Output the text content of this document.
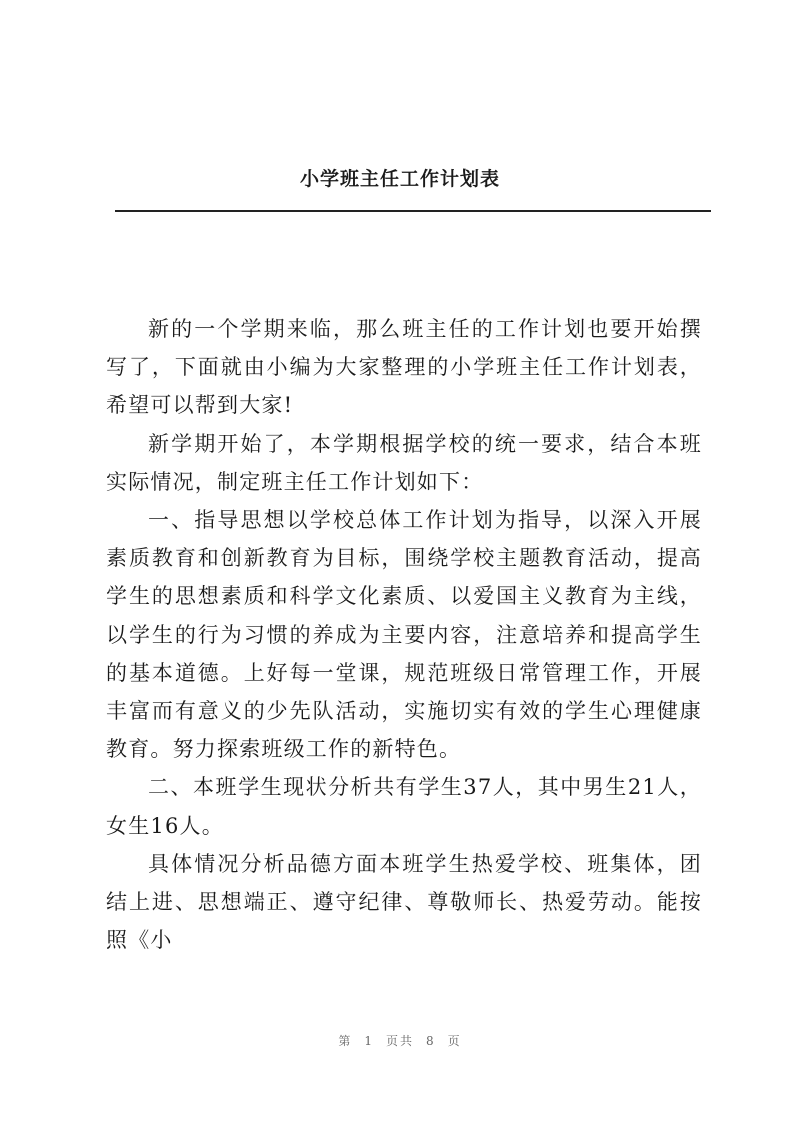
小学班主任工作计划表

新的一个学期来临，那么班主任的工作计划也要开始撰写了，下面就由小编为大家整理的小学班主任工作计划表，希望可以帮到大家!

新学期开始了，本学期根据学校的统一要求，结合本班实际情况，制定班主任工作计划如下：

一、指导思想以学校总体工作计划为指导，以深入开展素质教育和创新教育为目标，围绕学校主题教育活动，提高学生的思想素质和科学文化素质、以爱国主义教育为主线，以学生的行为习惯的养成为主要内容，注意培养和提高学生的基本道德。上好每一堂课，规范班级日常管理工作，开展丰富而有意义的少先队活动，实施切实有效的学生心理健康教育。努力探索班级工作的新特色。

二、本班学生现状分析共有学生37人，其中男生21人，女生16人。

具体情况分析品德方面本班学生热爱学校、班集体，团结上进、思想端正、遵守纪律、尊敬师长、热爱劳动。能按照《小

第 1 页共 8 页
